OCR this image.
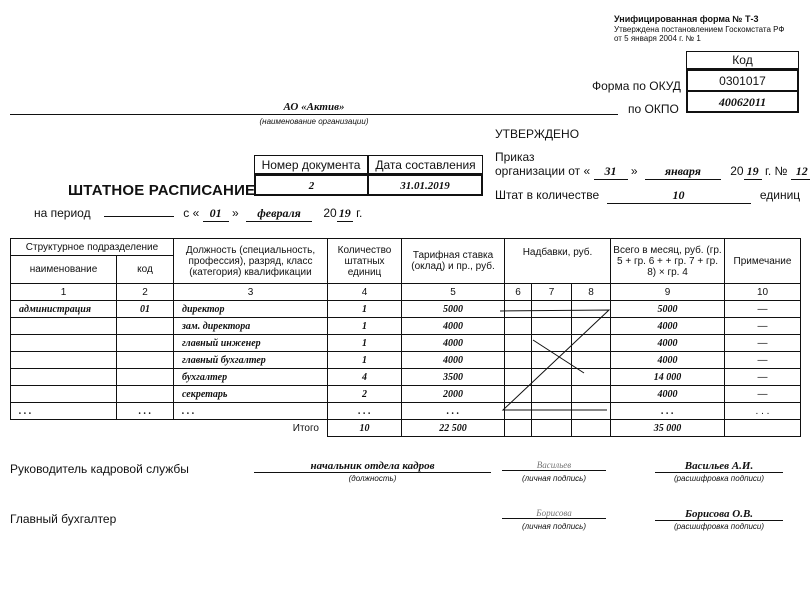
Унифицированная форма № Т-3
Утверждена постановлением Госкомстата РФ
от 5 января 2004 г. № 1
Код
0301017
40062011
Форма по ОКУД
по ОКПО
АО «Актив»
(наименование организации)
УТВЕРЖДЕНО
Приказ
организации от « 31 » января 20 19 г. № 12
Штат в количестве	10	единиц
Номер документа	Дата составления
2	31.01.2019
ШТАТНОЕ РАСПИСАНИЕ
на период	с « 01 » февраля 20 19 г.
Структурное подразделение		Должность (специальность, профессия), разряд, класс (категория) квалификации	Количество штатных единиц	Тарифная ставка (оклад) и пр., руб.	Надбавки, руб.			Всего в месяц, руб. (гр. 5 + гр. 6 + + гр. 7 + гр. 8) × гр. 4	Примечание
наименование	код								
1	2	3	4	5	6	7	8	9	10
администрация	01	директор	1	5000				5000	—
		зам. директора	1	4000				4000	—
		главный инженер	1	4000				4000	—
		главный бухгалтер	1	4000				4000	—
		бухгалтер	4	3500				14 000	—
		секретарь	2	2000				4000	—
. . .	. . .	. . .	. . .	. . .				. . .	. . .
Итого			10	22 500				35 000	
Руководитель кадровой службы	начальник отдела кадров
(должность)
Васильев
(личная подпись)
Васильев А.И.
(расшифровка подписи)
Главный бухгалтер	Борисова
(личная подпись)
Борисова О.В.
(расшифровка подписи)
